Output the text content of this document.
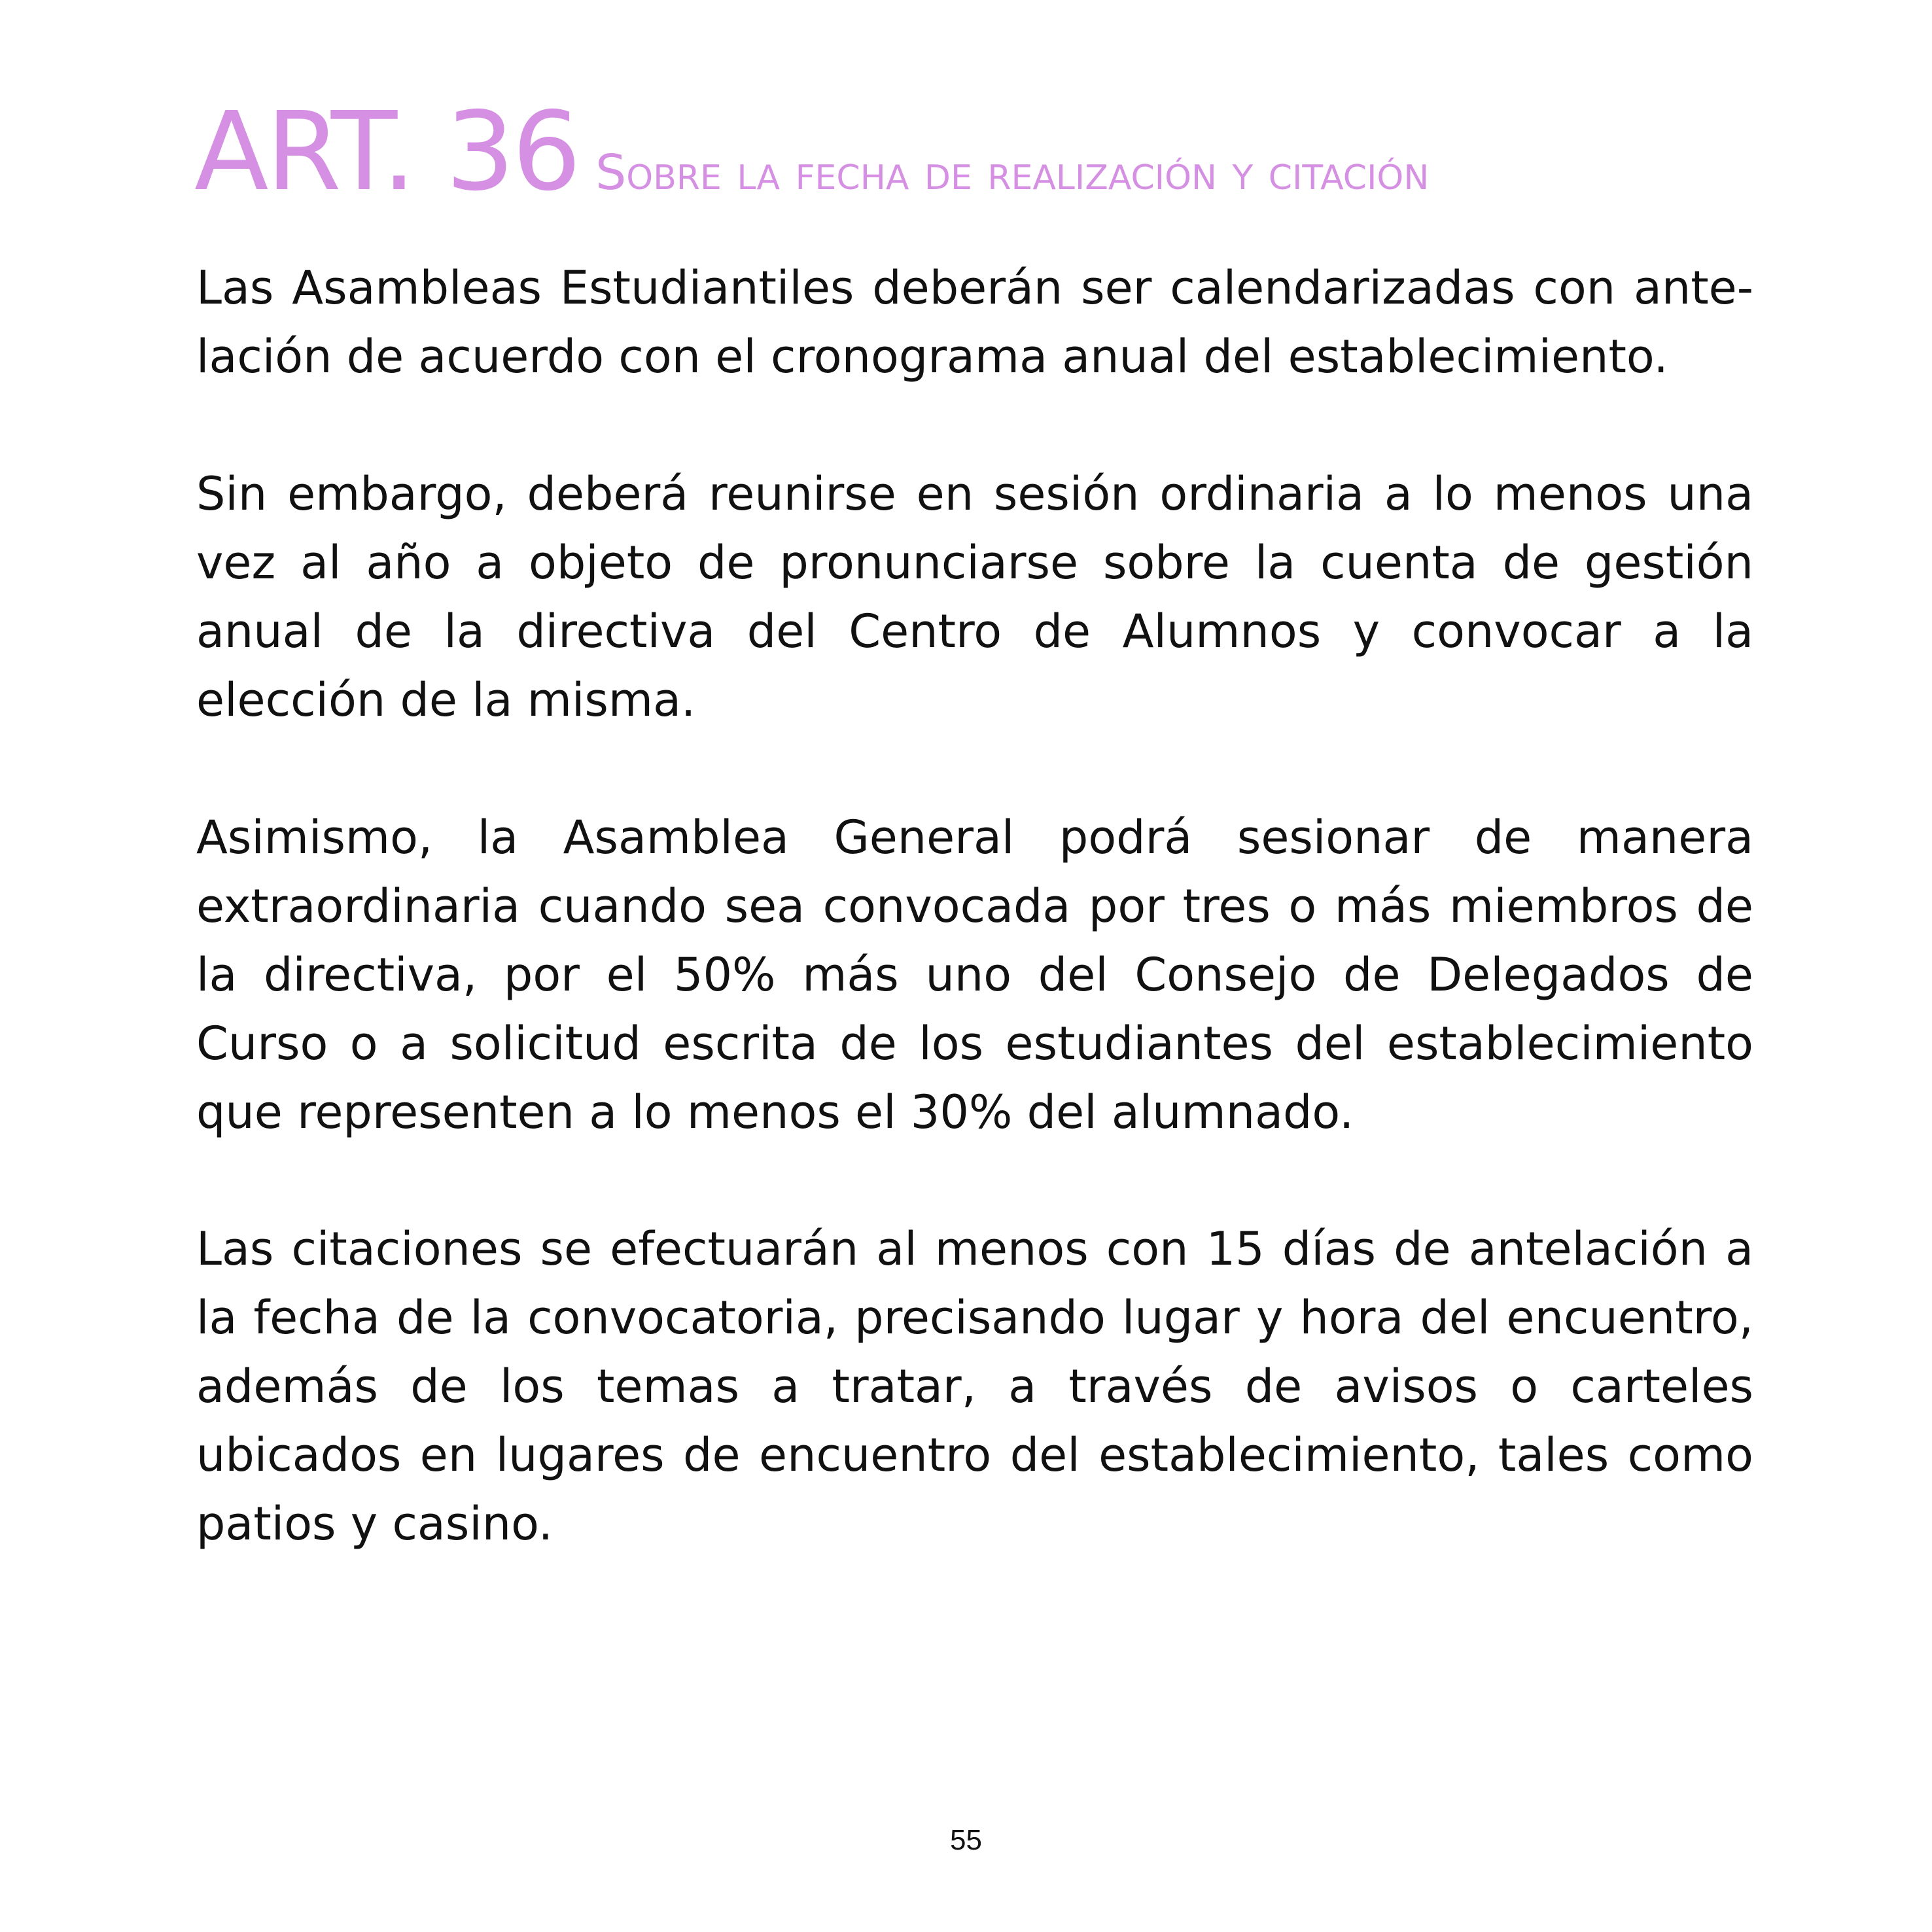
ART. 36 Sobre la fecha de realización y citación

Las Asambleas Estudiantiles deberán ser calendarizadas con antelación de acuerdo con el cronograma anual del establecimiento.

Sin embargo, deberá reunirse en sesión ordinaria a lo menos una vez al año a objeto de pronunciarse sobre la cuenta de gestión anual de la directiva del Centro de Alumnos y convocar a la elección de la misma.

Asimismo, la Asamblea General podrá sesionar de manera extraordinaria cuando sea convocada por tres o más miembros de la directiva, por el 50% más uno del Consejo de Delegados de Curso o a solicitud escrita de los estudiantes del establecimiento que representen a lo menos el 30% del alumnado.

Las citaciones se efectuarán al menos con 15 días de antelación a la fecha de la convocatoria, precisando lugar y hora del encuentro, además de los temas a tratar, a través de avisos o carteles ubicados en lugares de encuentro del establecimiento, tales como patios y casino.

55
